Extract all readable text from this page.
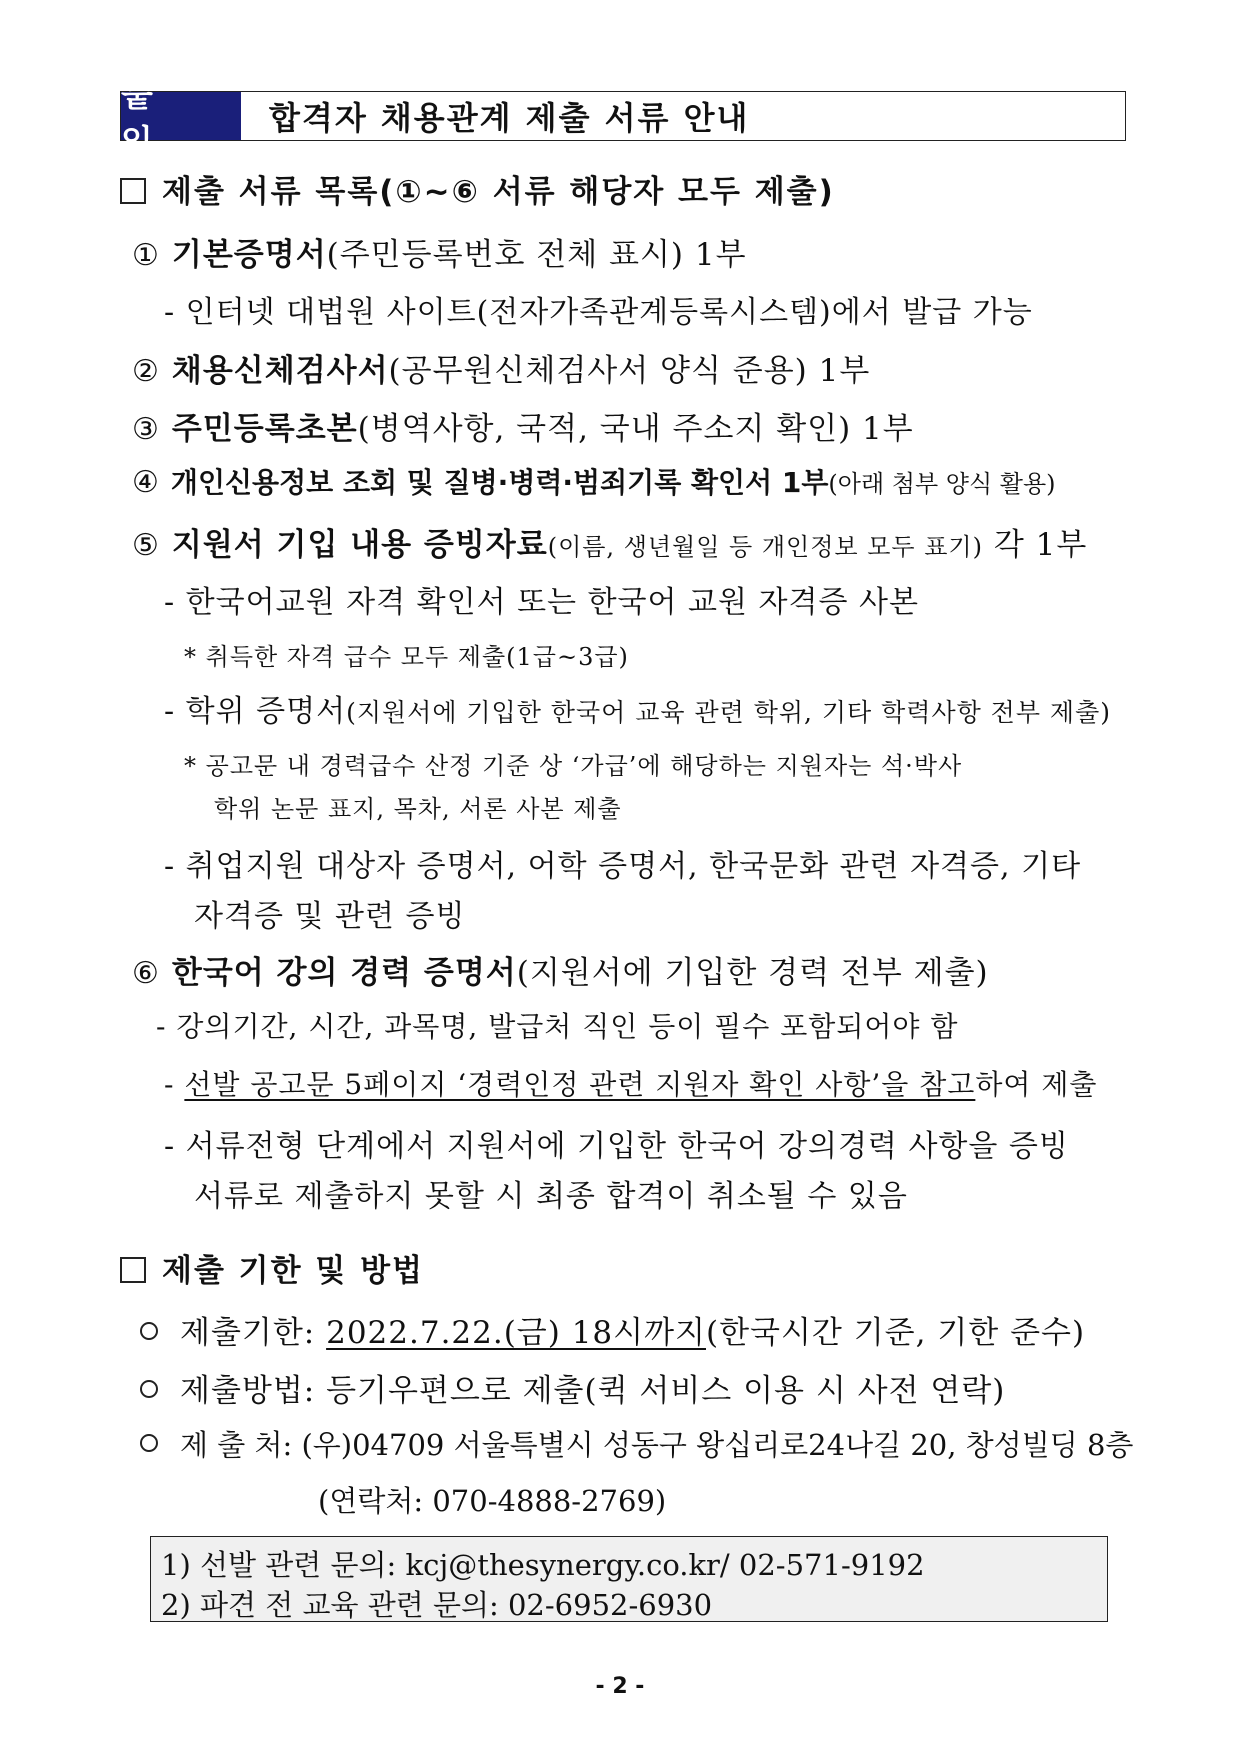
붙 임
합격자 채용관계 제출 서류 안내
제출 서류 목록(①~⑥ 서류 해당자 모두 제출)
① 기본증명서(주민등록번호 전체 표시) 1부
- 인터넷 대법원 사이트(전자가족관계등록시스템)에서 발급 가능
② 채용신체검사서(공무원신체검사서 양식 준용) 1부
③ 주민등록초본(병역사항, 국적, 국내 주소지 확인) 1부
④ 개인신용정보 조회 및 질병·병력·범죄기록 확인서 1부(아래 첨부 양식 활용)
⑤ 지원서 기입 내용 증빙자료(이름, 생년월일 등 개인정보 모두 표기) 각 1부
- 한국어교원 자격 확인서 또는 한국어 교원 자격증 사본
* 취득한 자격 급수 모두 제출(1급~3급)
- 학위 증명서(지원서에 기입한 한국어 교육 관련 학위, 기타 학력사항 전부 제출)
* 공고문 내 경력급수 산정 기준 상 ‘가급’에 해당하는 지원자는 석·박사
학위 논문 표지, 목차, 서론 사본 제출
- 취업지원 대상자 증명서, 어학 증명서, 한국문화 관련 자격증, 기타
자격증 및 관련 증빙
⑥ 한국어 강의 경력 증명서(지원서에 기입한 경력 전부 제출)
- 강의기간, 시간, 과목명, 발급처 직인 등이 필수 포함되어야 함
- 선발 공고문 5페이지 ‘경력인정 관련 지원자 확인 사항’을 참고하여 제출
- 서류전형 단계에서 지원서에 기입한 한국어 강의경력 사항을 증빙
서류로 제출하지 못할 시 최종 합격이 취소될 수 있음
제출 기한 및 방법
제출기한: 2022.7.22.(금) 18시까지(한국시간 기준, 기한 준수)
제출방법: 등기우편으로 제출(퀵 서비스 이용 시 사전 연락)
제 출 처: (우)04709 서울특별시 성동구 왕십리로24나길 20, 창성빌딩 8층
(연락처: 070-4888-2769)
1) 선발 관련 문의: kcj@thesynergy.co.kr/ 02-571-9192
2) 파견 전 교육 관련 문의: 02-6952-6930
- 2 -
